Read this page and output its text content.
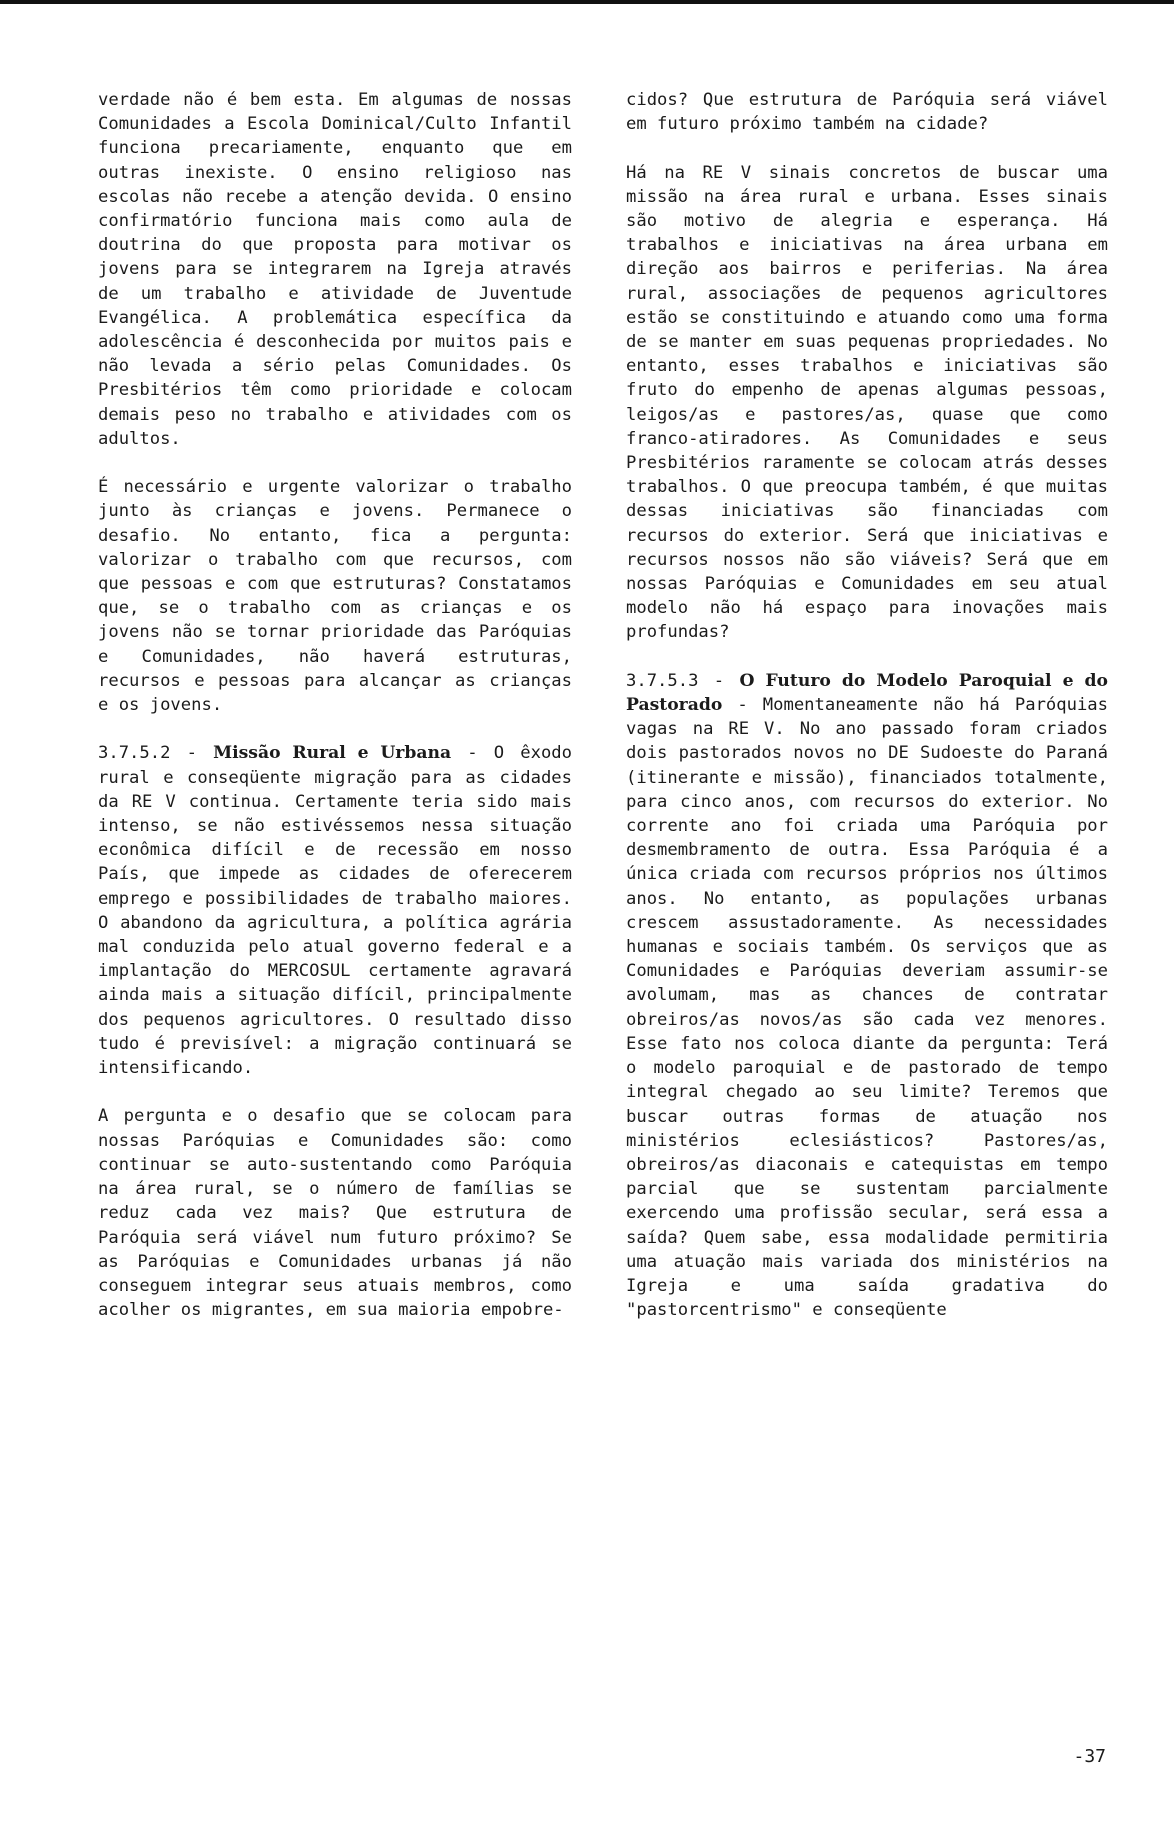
verdade não é bem esta. Em algumas de nossas Comunidades a Escola Dominical/Culto Infantil funciona precariamente, enquanto que em outras inexiste. O ensino religioso nas escolas não recebe a atenção devida. O ensino confirmatório funciona mais como aula de doutrina do que proposta para motivar os jovens para se integrarem na Igreja através de um trabalho e atividade de Juventude Evangélica. A problemática específica da adolescência é desconhecida por muitos pais e não levada a sério pelas Comunidades. Os Presbitérios têm como prioridade e colocam demais peso no trabalho e atividades com os adultos.

É necessário e urgente valorizar o trabalho junto às crianças e jovens. Permanece o desafio. No entanto, fica a pergunta: valorizar o trabalho com que recursos, com que pessoas e com que estruturas? Constatamos que, se o trabalho com as crianças e os jovens não se tornar prioridade das Paróquias e Comunidades, não haverá estruturas, recursos e pessoas para alcançar as crianças e os jovens.

3.7.5.2 - Missão Rural e Urbana - O êxodo rural e conseqüente migração para as cidades da RE V continua. Certamente teria sido mais intenso, se não estivéssemos nessa situação econômica difícil e de recessão em nosso País, que impede as cidades de oferecerem emprego e possibilidades de trabalho maiores. O abandono da agricultura, a política agrária mal conduzida pelo atual governo federal e a implantação do MERCOSUL certamente agravará ainda mais a situação difícil, principalmente dos pequenos agricultores. O resultado disso tudo é previsível: a migração continuará se intensificando.

A pergunta e o desafio que se colocam para nossas Paróquias e Comunidades são: como continuar se auto-sustentando como Paróquia na área rural, se o número de famílias se reduz cada vez mais? Que estrutura de Paróquia será viável num futuro próximo? Se as Paróquias e Comunidades urbanas já não conseguem integrar seus atuais membros, como acolher os migrantes, em sua maioria empobre-

cidos? Que estrutura de Paróquia será viável em futuro próximo também na cidade?

Há na RE V sinais concretos de buscar uma missão na área rural e urbana. Esses sinais são motivo de alegria e esperança. Há trabalhos e iniciativas na área urbana em direção aos bairros e periferias. Na área rural, associações de pequenos agricultores estão se constituindo e atuando como uma forma de se manter em suas pequenas propriedades. No entanto, esses trabalhos e iniciativas são fruto do empenho de apenas algumas pessoas, leigos/as e pastores/as, quase que como franco-atiradores. As Comunidades e seus Presbitérios raramente se colocam atrás desses trabalhos. O que preocupa também, é que muitas dessas iniciativas são financiadas com recursos do exterior. Será que iniciativas e recursos nossos não são viáveis? Será que em nossas Paróquias e Comunidades em seu atual modelo não há espaço para inovações mais profundas?

3.7.5.3 - O Futuro do Modelo Paroquial e do Pastorado - Momentaneamente não há Paróquias vagas na RE V. No ano passado foram criados dois pastorados novos no DE Sudoeste do Paraná (itinerante e missão), financiados totalmente, para cinco anos, com recursos do exterior. No corrente ano foi criada uma Paróquia por desmembramento de outra. Essa Paróquia é a única criada com recursos próprios nos últimos anos. No entanto, as populações urbanas crescem assustadoramente. As necessidades humanas e sociais também. Os serviços que as Comunidades e Paróquias deveriam assumir-se avolumam, mas as chances de contratar obreiros/as novos/as são cada vez menores. Esse fato nos coloca diante da pergunta: Terá o modelo paroquial e de pastorado de tempo integral chegado ao seu limite? Teremos que buscar outras formas de atuação nos ministérios eclesiásticos? Pastores/as, obreiros/as diaconais e catequistas em tempo parcial que se sustentam parcialmente exercendo uma profissão secular, será essa a saída? Quem sabe, essa modalidade permitiria uma atuação mais variada dos ministérios na Igreja e uma saída gradativa do "pastorcentrismo" e conseqüente

-37
